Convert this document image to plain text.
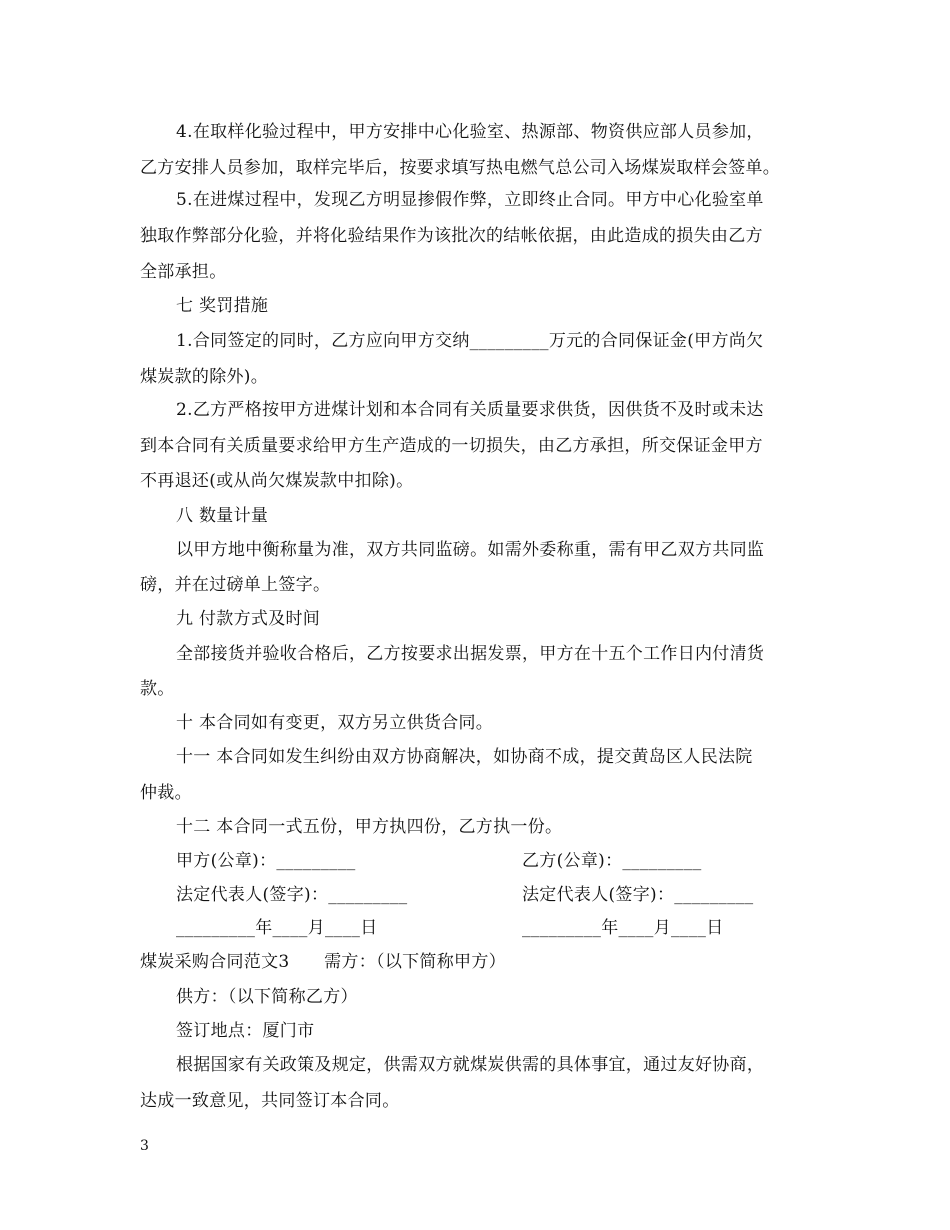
4.在取样化验过程中，甲方安排中心化验室、热源部、物资供应部人员参加，
乙方安排人员参加，取样完毕后，按要求填写热电燃气总公司入场煤炭取样会签单。
5.在进煤过程中，发现乙方明显掺假作弊，立即终止合同。甲方中心化验室单
独取作弊部分化验，并将化验结果作为该批次的结帐依据，由此造成的损失由乙方
全部承担。
七 奖罚措施
1.合同签定的同时，乙方应向甲方交纳_________万元的合同保证金(甲方尚欠
煤炭款的除外)。
2.乙方严格按甲方进煤计划和本合同有关质量要求供货，因供货不及时或未达
到本合同有关质量要求给甲方生产造成的一切损失，由乙方承担，所交保证金甲方
不再退还(或从尚欠煤炭款中扣除)。
八 数量计量
以甲方地中衡称量为准，双方共同监磅。如需外委称重，需有甲乙双方共同监
磅，并在过磅单上签字。
九 付款方式及时间
全部接货并验收合格后，乙方按要求出据发票，甲方在十五个工作日内付清货
款。
十 本合同如有变更，双方另立供货合同。
十一 本合同如发生纠纷由双方协商解决，如协商不成，提交黄岛区人民法院
仲裁。
十二 本合同一式五份，甲方执四份，乙方执一份。
甲方(公章)：_________	乙方(公章)：_________
法定代表人(签字)：_________	法定代表人(签字)：_________
_________年____月____日	_________年____月____日
煤炭采购合同范文3　　需方：（以下简称甲方）
供方：（以下简称乙方）
签订地点：厦门市
根据国家有关政策及规定，供需双方就煤炭供需的具体事宜，通过友好协商，
达成一致意见，共同签订本合同。
3
